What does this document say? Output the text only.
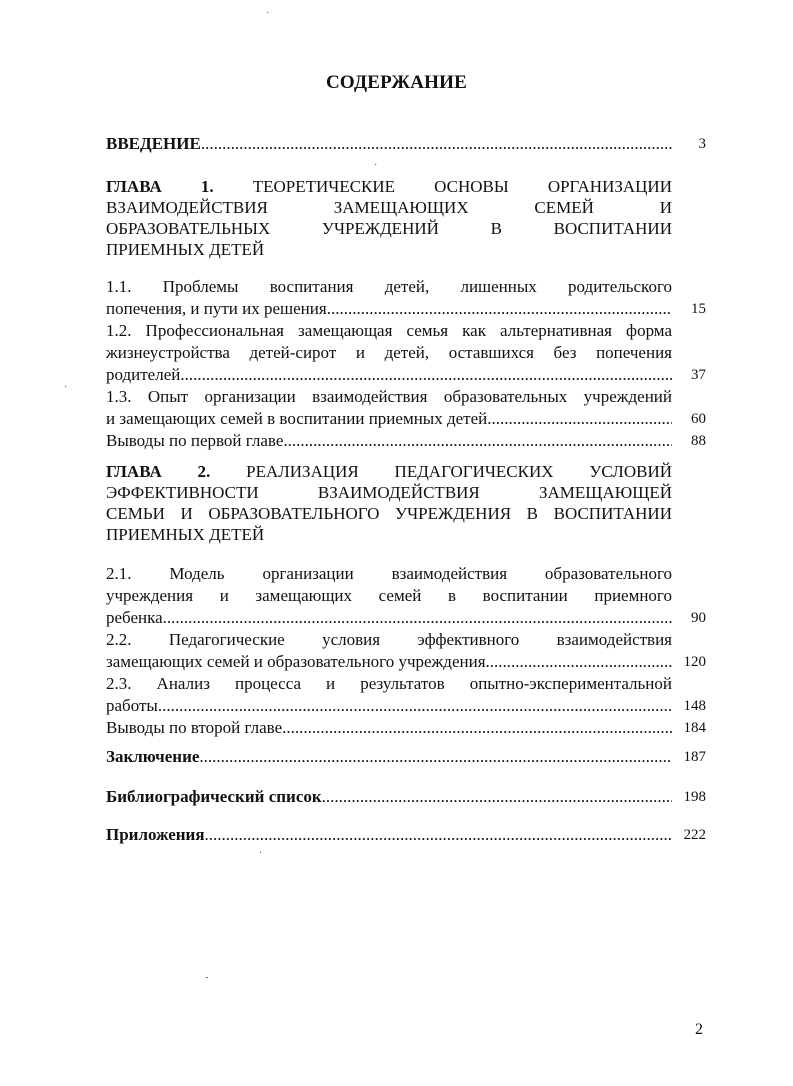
СОДЕРЖАНИЕ
ВВЕДЕНИЕ .....	3
ГЛАВА 1. ТЕОРЕТИЧЕСКИЕ ОСНОВЫ ОРГАНИЗАЦИИ
ВЗАИМОДЕЙСТВИЯ ЗАМЕЩАЮЩИХ СЕМЕЙ И
ОБРАЗОВАТЕЛЬНЫХ УЧРЕЖДЕНИЙ В ВОСПИТАНИИ
ПРИЕМНЫХ ДЕТЕЙ
1.1. Проблемы воспитания детей, лишенных родительского
попечения, и пути их решения .....	15
1.2. Профессиональная замещающая семья как альтернативная форма
жизнеустройства детей-сирот и детей, оставшихся без попечения
родителей .....	37
1.3. Опыт организации взаимодействия образовательных учреждений
и замещающих семей в воспитании приемных детей .....	60
Выводы по первой главе .....	88
ГЛАВА 2. РЕАЛИЗАЦИЯ ПЕДАГОГИЧЕСКИХ УСЛОВИЙ
ЭФФЕКТИВНОСТИ ВЗАИМОДЕЙСТВИЯ ЗАМЕЩАЮЩЕЙ
СЕМЬИ И ОБРАЗОВАТЕЛЬНОГО УЧРЕЖДЕНИЯ В ВОСПИТАНИИ
ПРИЕМНЫХ ДЕТЕЙ
2.1. Модель организации взаимодействия образовательного
учреждения и замещающих семей в воспитании приемного
ребенка .....	90
2.2. Педагогические условия эффективного взаимодействия
замещающих семей и образовательного учреждения .....	120
2.3. Анализ процесса и результатов опытно-экспериментальной
работы .....	148
Выводы по второй главе .....	184
Заключение .....	187
Библиографический список .....	198
Приложения .....	222
·
·
·
·
-
2
